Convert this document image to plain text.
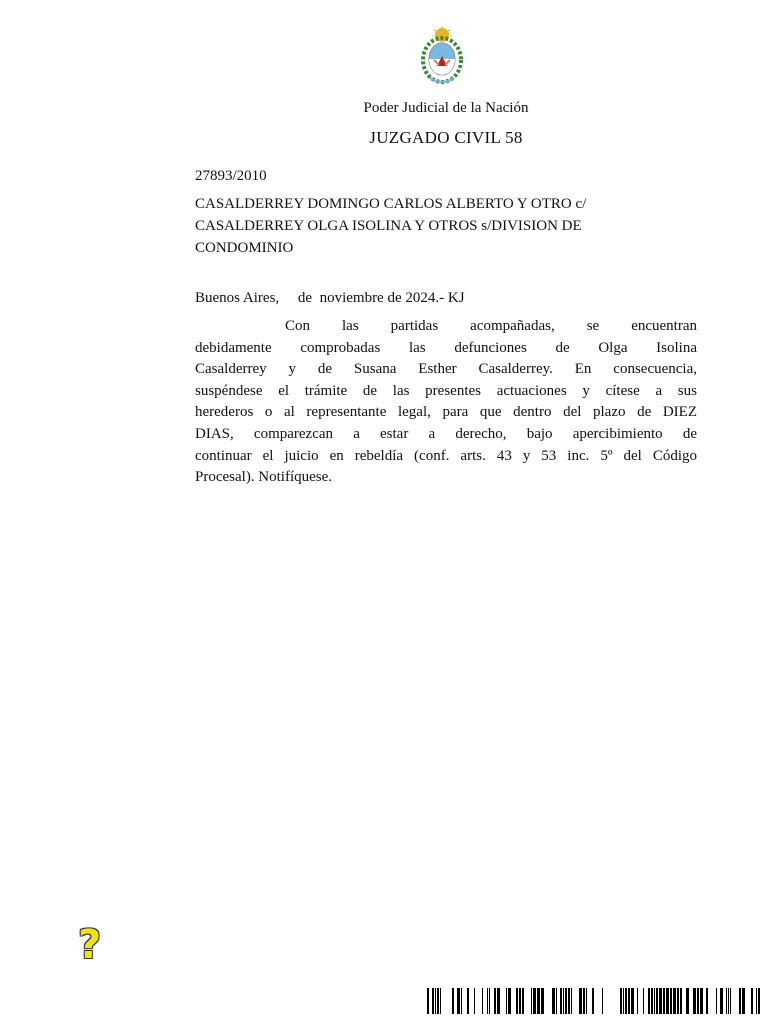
Poder Judicial de la Nación
JUZGADO CIVIL 58
27893/2010
CASALDERREY DOMINGO CARLOS ALBERTO Y OTRO c/
CASALDERREY OLGA ISOLINA Y OTROS s/DIVISION DE
CONDOMINIO
Buenos Aires,     de  noviembre de 2024.- KJ
Con las partidas acompañadas, se encuentran
debidamente comprobadas las defunciones de Olga Isolina
Casalderrey y de Susana Esther Casalderrey. En consecuencia,
suspéndese el trámite de las presentes actuaciones y cítese a sus
herederos o al representante legal, para que dentro del plazo de DIEZ
DIAS, comparezcan a estar a derecho, bajo apercibimiento de
continuar el juicio en rebeldía (conf. arts. 43 y 53 inc. 5º del Código
Procesal). Notifíquese.
?
